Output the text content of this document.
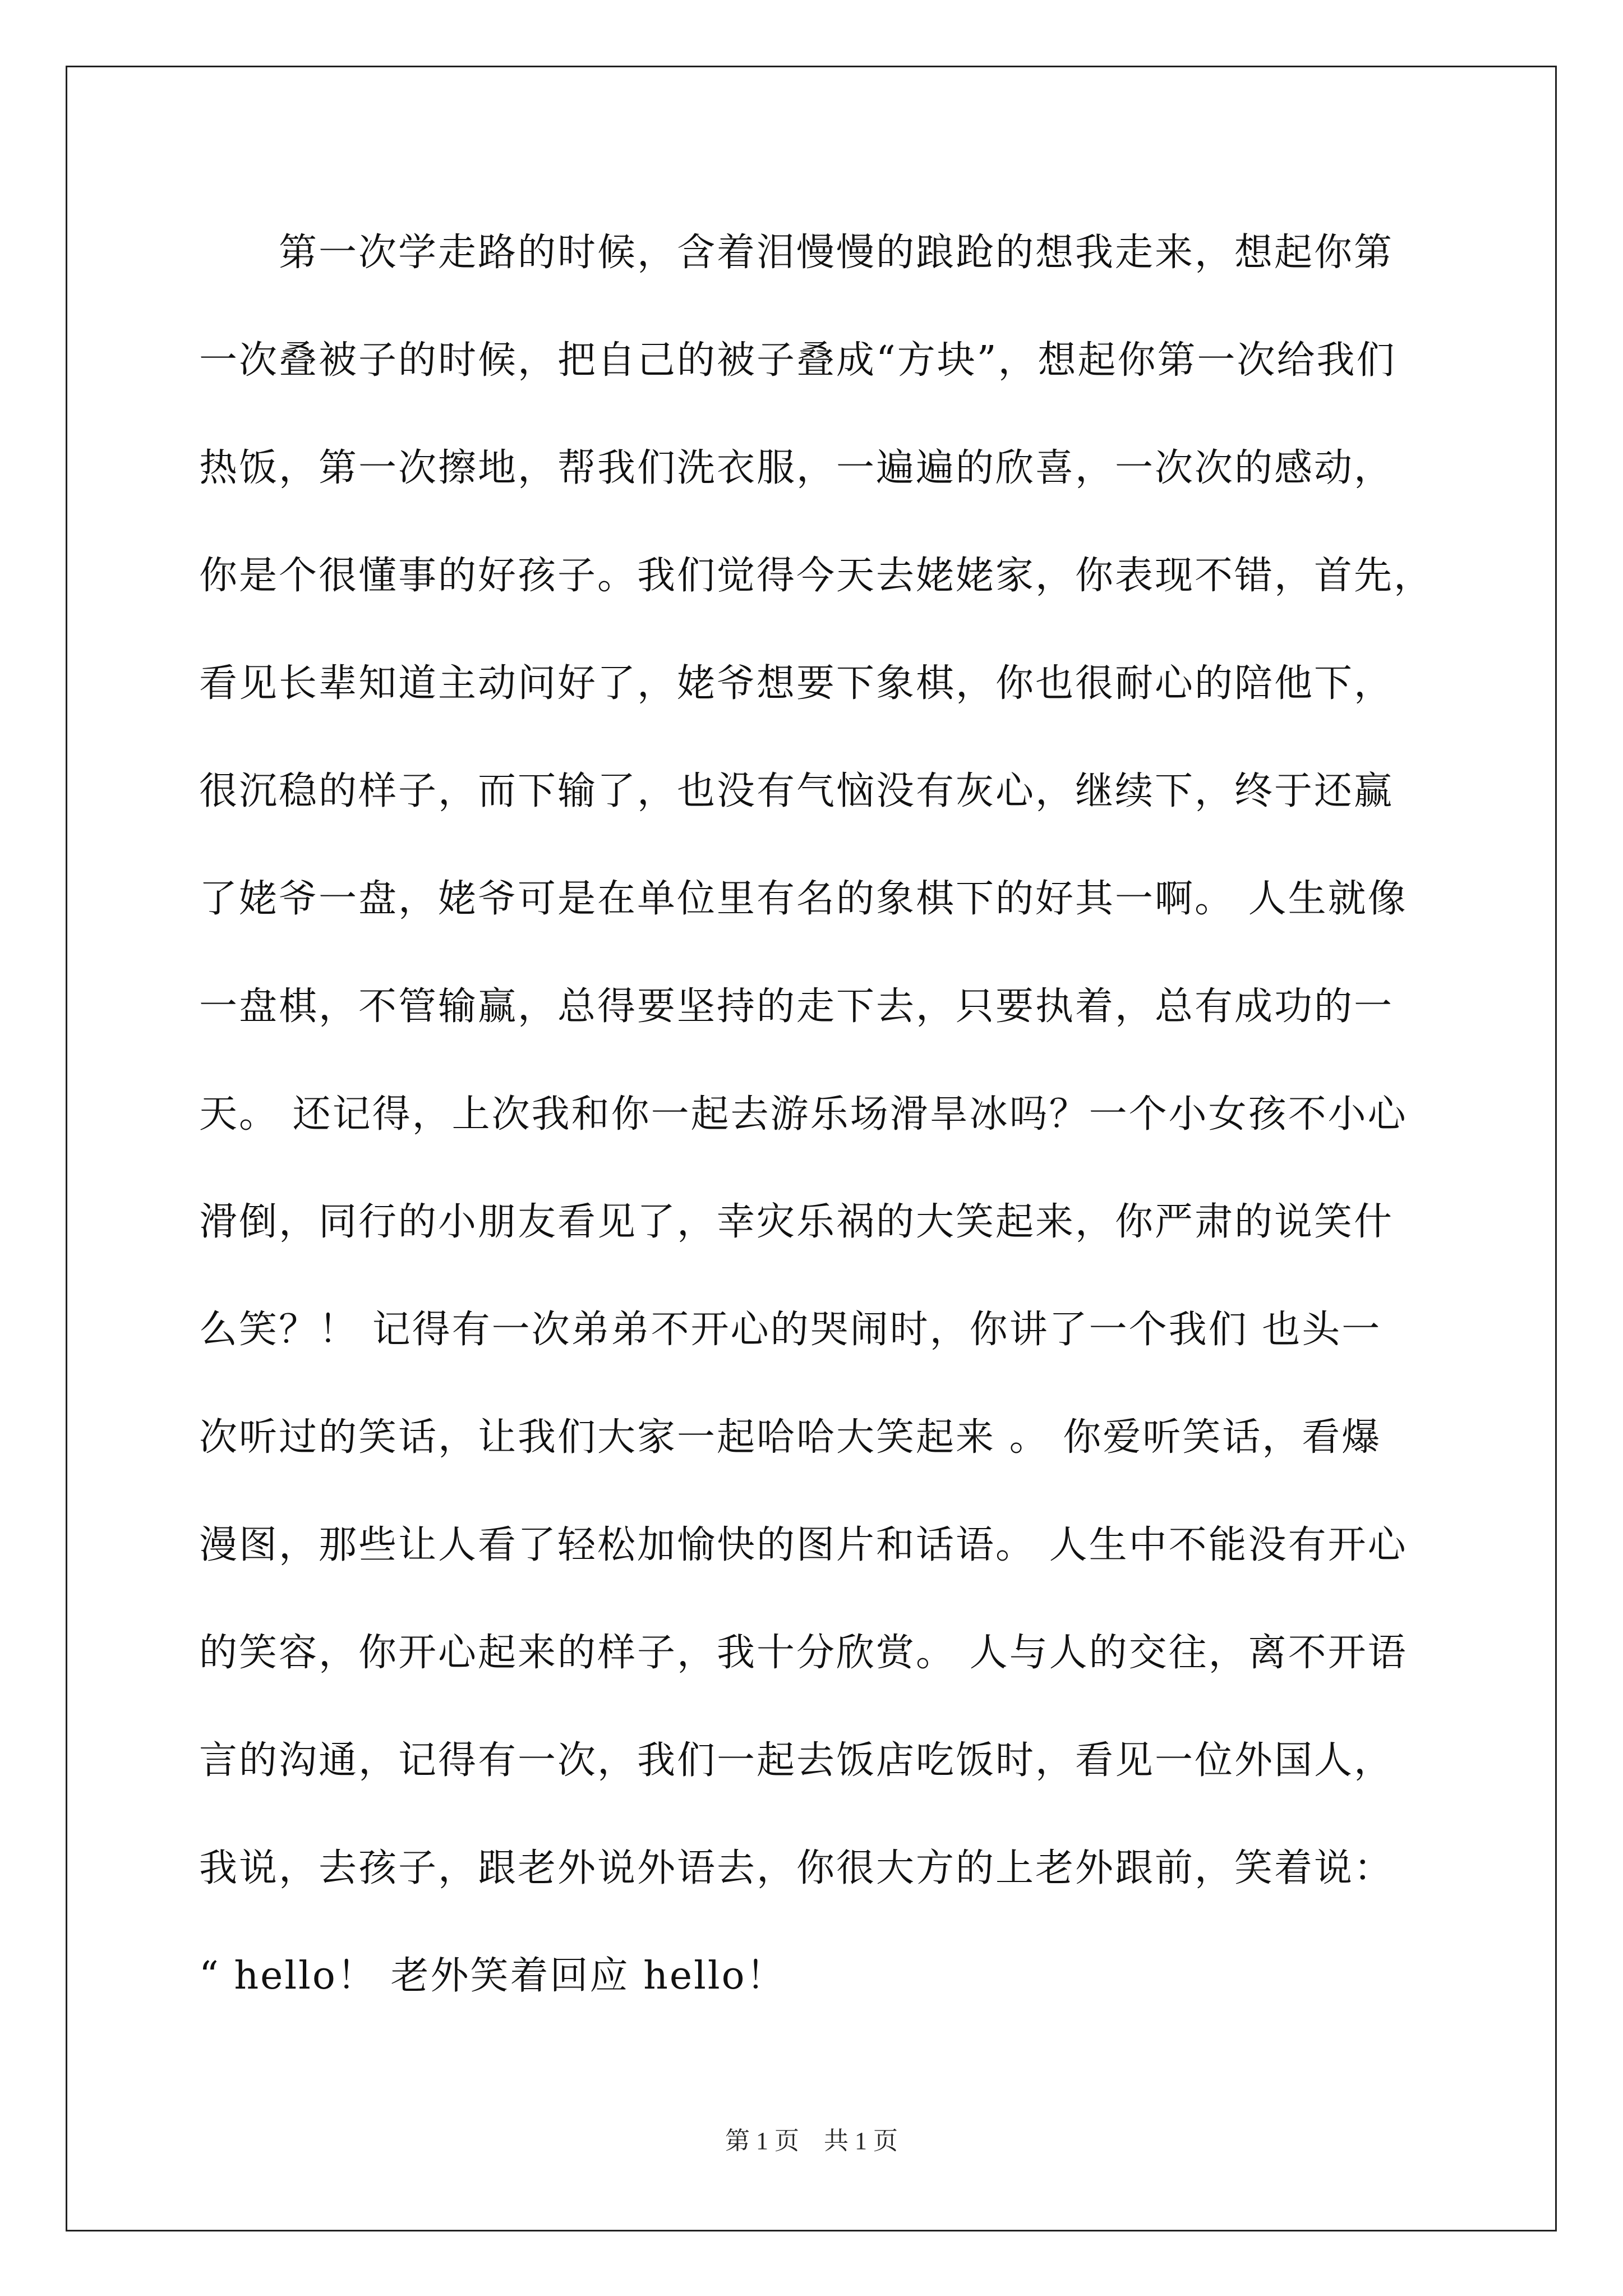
　　第一次学走路的时候，含着泪慢慢的踉跄的想我走来，想起你第
一次叠被子的时候，把自己的被子叠成“方块”，想起你第一次给我们
热饭，第一次擦地，帮我们洗衣服，一遍遍的欣喜，一次次的感动，
你是个很懂事的好孩子。我们觉得今天去姥姥家，你表现不错，首先，
看见长辈知道主动问好了，姥爷想要下象棋，你也很耐心的陪他下，
很沉稳的样子，而下输了，也没有气恼没有灰心，继续下，终于还赢
了姥爷一盘，姥爷可是在单位里有名的象棋下的好其一啊。 人生就像
一盘棋，不管输赢，总得要坚持的走下去，只要执着，总有成功的一
天。 还记得，上次我和你一起去游乐场滑旱冰吗？一个小女孩不小心
滑倒，同行的小朋友看见了，幸灾乐祸的大笑起来，你严肃的说笑什
么笑？！ 记得有一次弟弟不开心的哭闹时，你讲了一个我们 也头一
次听过的笑话，让我们大家一起哈哈大笑起来 。 你爱听笑话，看爆
漫图，那些让人看了轻松加愉快的图片和话语。 人生中不能没有开心
的笑容，你开心起来的样子，我十分欣赏。 人与人的交往，离不开语
言的沟通，记得有一次，我们一起去饭店吃饭时，看见一位外国人，
我说，去孩子，跟老外说外语去，你很大方的上老外跟前，笑着说：
“ hello！ 老外笑着回应 hello！
第 1 页 共 1 页
